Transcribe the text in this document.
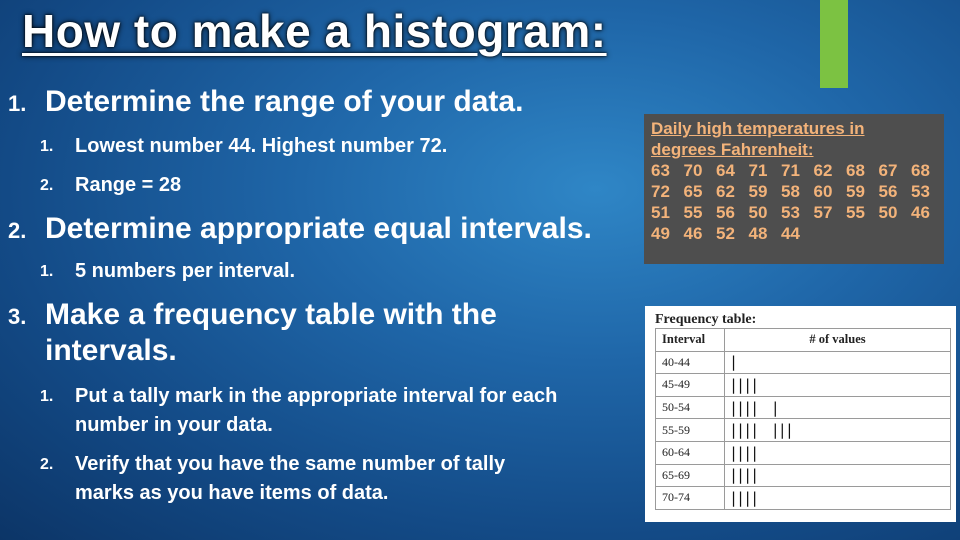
How to make a histogram:
1. Determine the range of your data.
1. Lowest number 44. Highest number 72.
2. Range = 28
2. Determine appropriate equal intervals.
1. 5 numbers per interval.
3. Make a frequency table with the
intervals.
1. Put a tally mark in the appropriate interval for each
number in your data.
2. Verify that you have the same number of tally
marks as you have items of data.
Daily high temperatures in
degrees Fahrenheit:
63 70 64 71 71 62 68 67 68
72 65 62 59 58 60 59 56 53
51 55 56 50 53 57 55 50 46
49 46 52 48 44
Frequency table:
Interval	# of values
40-44	|
45-49	||||
50-54	||||  |
55-59	||||  |||
60-64	||||
65-69	||||
70-74	||||
